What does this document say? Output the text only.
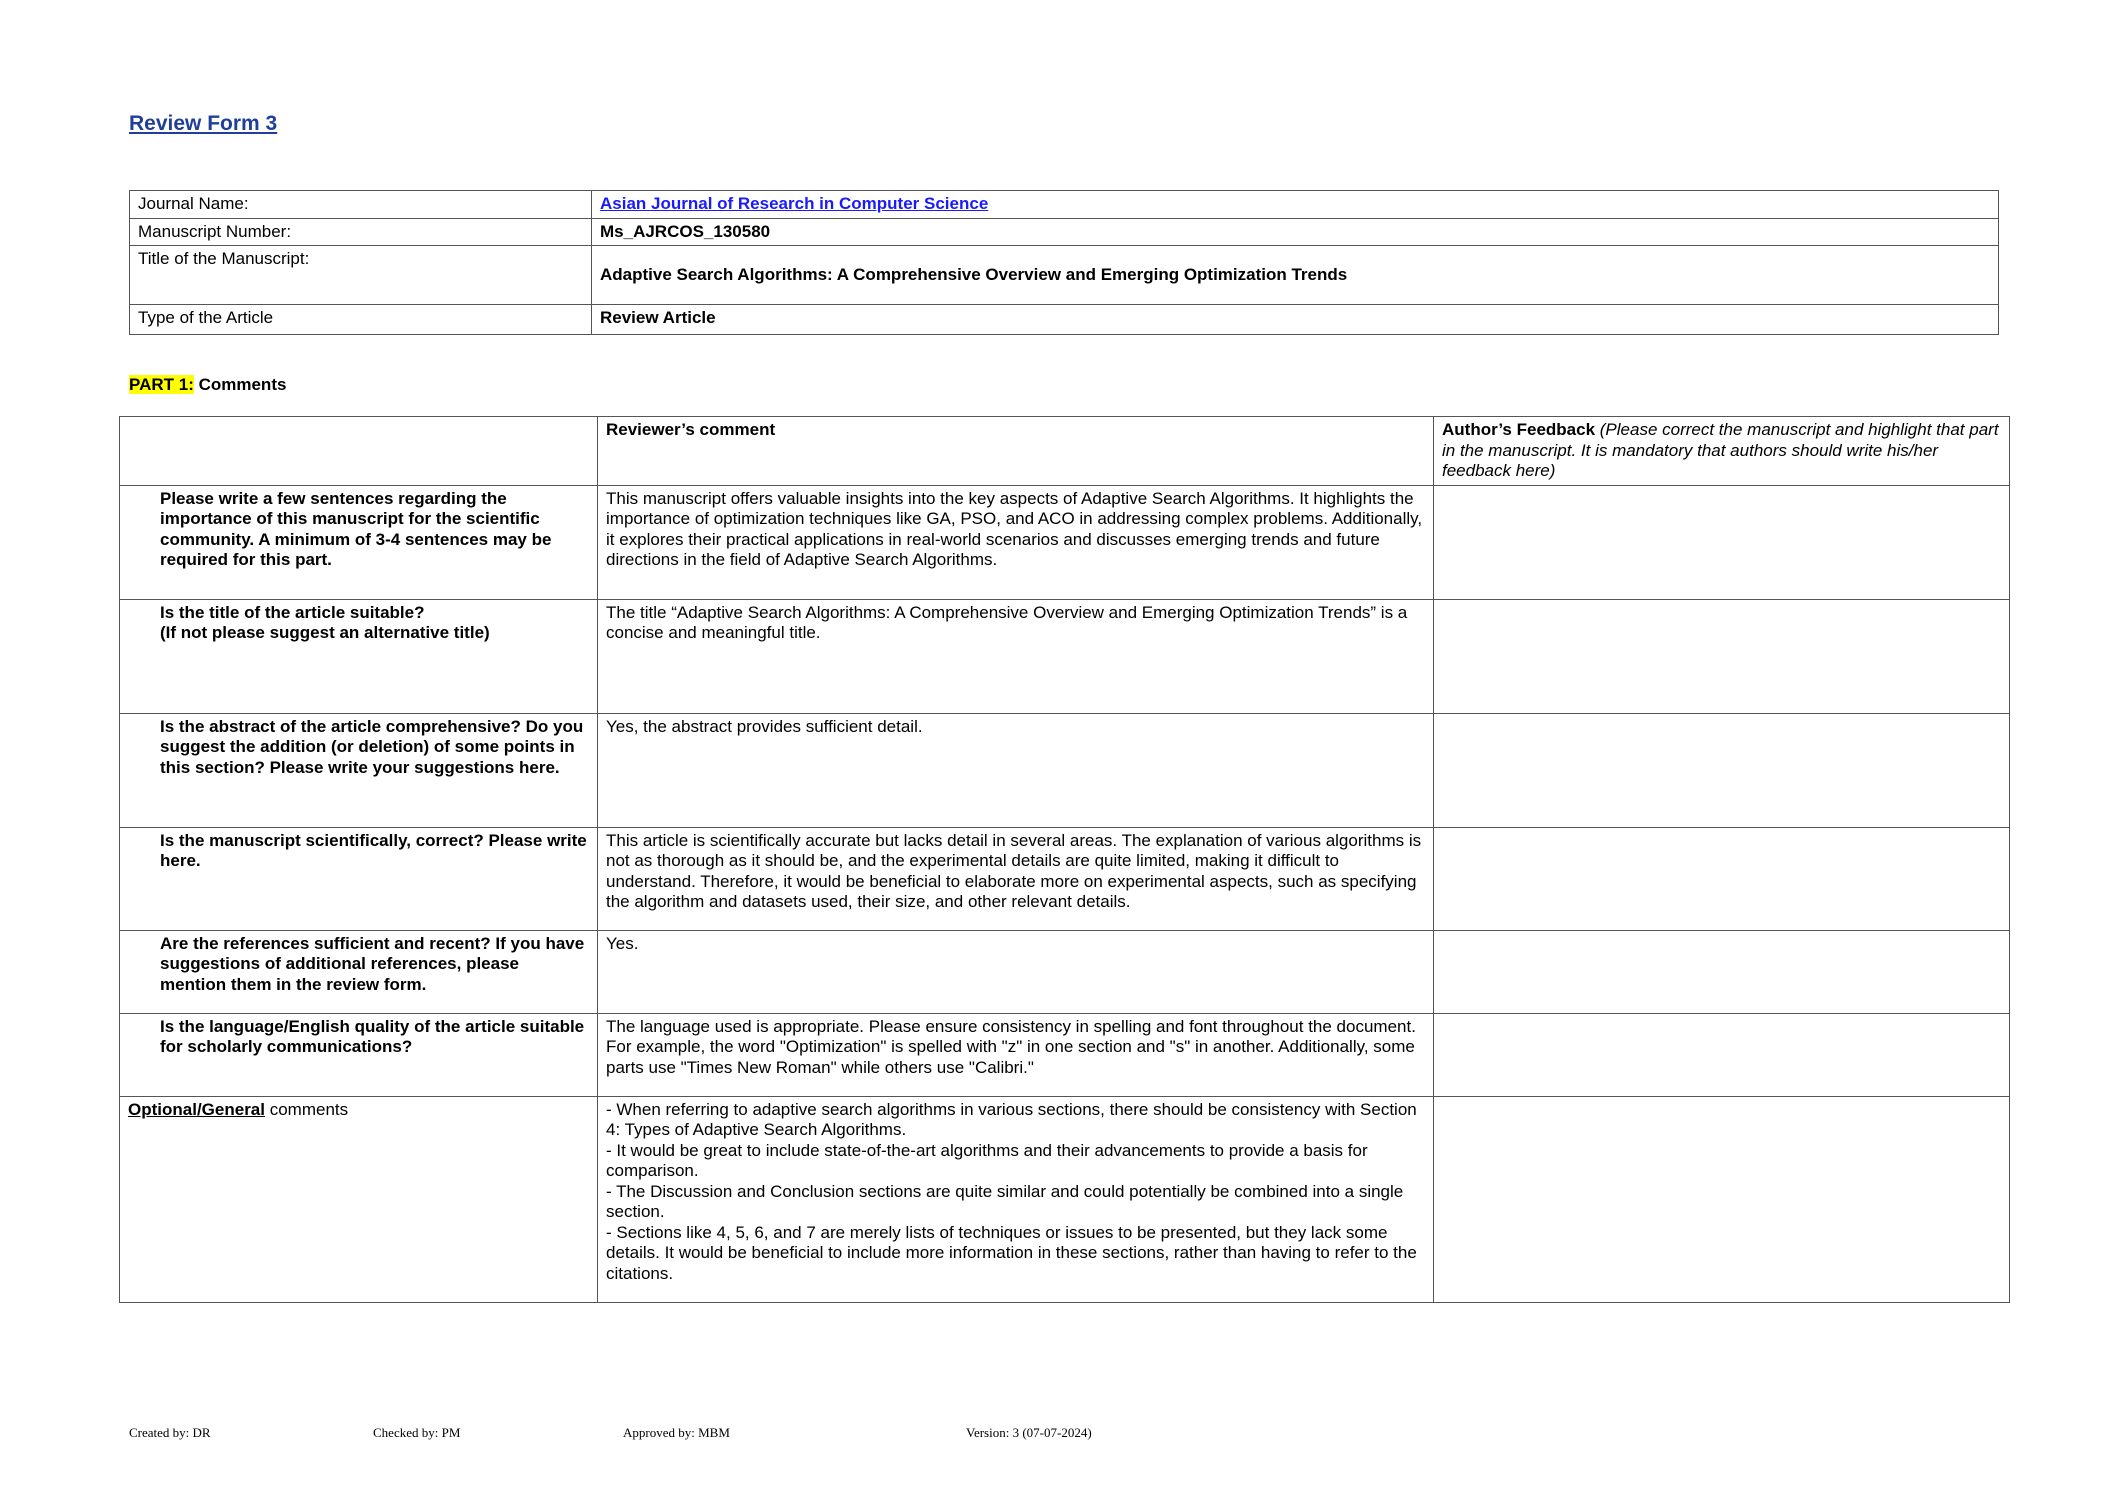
Review Form 3
Journal Name:	Asian Journal of Research in Computer Science
Manuscript Number:	Ms_AJRCOS_130580
Title of the Manuscript:	Adaptive Search Algorithms: A Comprehensive Overview and Emerging Optimization Trends
Type of the Article	Review Article
PART 1: Comments
	Reviewer’s comment	Author’s Feedback (Please correct the manuscript and highlight that part in the manuscript. It is mandatory that authors should write his/her feedback here)
Please write a few sentences regarding the importance of this manuscript for the scientific community. A minimum of 3-4 sentences may be required for this part.	This manuscript offers valuable insights into the key aspects of Adaptive Search Algorithms. It highlights the importance of optimization techniques like GA, PSO, and ACO in addressing complex problems. Additionally, it explores their practical applications in real-world scenarios and discusses emerging trends and future directions in the field of Adaptive Search Algorithms.	
Is the title of the article suitable?
(If not please suggest an alternative title)	The title “Adaptive Search Algorithms: A Comprehensive Overview and Emerging Optimization Trends” is a concise and meaningful title.	
Is the abstract of the article comprehensive? Do you suggest the addition (or deletion) of some points in this section? Please write your suggestions here.	Yes, the abstract provides sufficient detail.	
Is the manuscript scientifically, correct? Please write here.	This article is scientifically accurate but lacks detail in several areas. The explanation of various algorithms is not as thorough as it should be, and the experimental details are quite limited, making it difficult to understand. Therefore, it would be beneficial to elaborate more on experimental aspects, such as specifying the algorithm and datasets used, their size, and other relevant details.	
Are the references sufficient and recent? If you have suggestions of additional references, please mention them in the review form.	Yes.	
Is the language/English quality of the article suitable for scholarly communications?	The language used is appropriate. Please ensure consistency in spelling and font throughout the document. For example, the word "Optimization" is spelled with "z" in one section and "s" in another. Additionally, some parts use "Times New Roman" while others use "Calibri."	
Optional/General comments	- When referring to adaptive search algorithms in various sections, there should be consistency with Section 4: Types of Adaptive Search Algorithms.
- It would be great to include state-of-the-art algorithms and their advancements to provide a basis for comparison.
- The Discussion and Conclusion sections are quite similar and could potentially be combined into a single section.
- Sections like 4, 5, 6, and 7 are merely lists of techniques or issues to be presented, but they lack some details. It would be beneficial to include more information in these sections, rather than having to refer to the citations.	
Created by: DR	Checked by: PM	Approved by: MBM	Version: 3 (07-07-2024)
